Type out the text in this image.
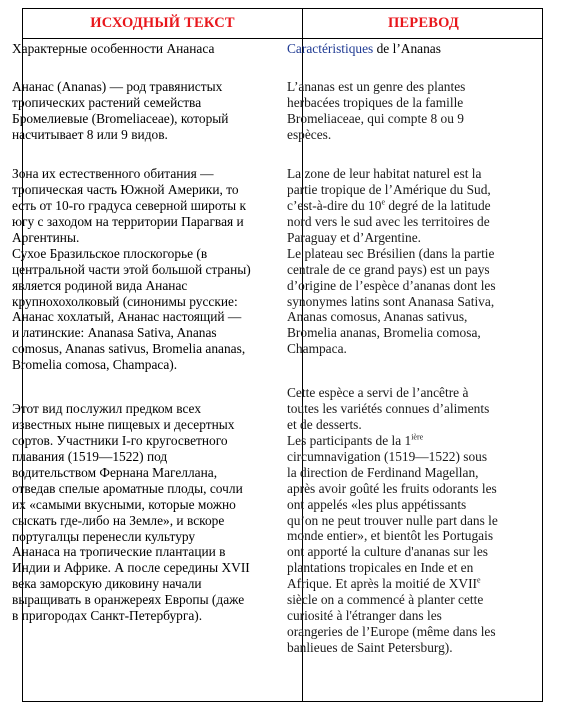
ИСХОДНЫЙ ТЕКСТ	ПЕРЕВОД
Характерные особенности Ананаса
Ананас (Ananas) — род травянистых
тропических растений семейства
Бромелиевые (Bromeliaceae), который
насчитывает 8 или 9 видов.
Зона их естественного обитания —
тропическая часть Южной Америки, то
есть от 10-го градуса северной широты к
югу с заходом на территории Парагвая и
Аргентины.
Сухое Бразильское плоскогорье (в
центральной части этой большой страны)
является родиной вида Ананас
крупнохохолковый (синонимы русские:
Ананас хохлатый, Ананас настоящий —
и латинские: Ananasa Sativa, Ananas
comosus, Ananas sativus, Bromelia ananas,
Bromelia comosa, Champaca).
Этот вид послужил предком всех
известных ныне пищевых и десертных
сортов. Участники I-го кругосветного
плавания (1519—1522) под
водительством Фернана Магеллана,
отведав спелые ароматные плоды, сочли
их «самыми вкусными, которые можно
сыскать где-либо на Земле», и вскоре
португалцы перенесли культуру
Ананаса на тропические плантации в
Индии и Африке. А после середины XVII
века заморскую диковину начали
выращивать в оранжереях Европы (даже
в пригородах Санкт-Петербурга).
Caractéristiques de l’Ananas
L’ananas est un genre des plantes
herbacées tropiques de la famille
Bromeliaceae, qui compte 8 ou 9
espèces.
La zone de leur habitat naturel est la
partie tropique de l’Amérique du Sud,
c’est-à-dire du 10e degré de la latitude
nord vers le sud avec les territoires de
Paraguay et d’Argentine.
Le plateau sec Brésilien (dans la partie
centrale de ce grand pays) est un pays
d’origine de l’espèce d’ananas dont les
synonymes latins sont Ananasa Sativa,
Ananas comosus, Ananas sativus,
Bromelia ananas, Bromelia comosa,
Champaca.
Cette espèce a servi de l’ancêtre à
toutes les variétés connues d’aliments
et de desserts.
Les participants de la $1^{ière}$
circumnavigation (1519—1522) sous
la direction de Ferdinand Magellan,
après avoir goûté les fruits odorants les
ont appelés «les plus appétissants
qu’on ne peut trouver nulle part dans le
monde entier», et bientôt les Portugais
ont apporté la culture d'ananas sur les
plantations tropicales en Inde et en
Afrique. Et après la moitié de XVIIe
siècle on a commencé à planter cette
curiosité à l'étranger dans les
orangeries de l’Europe (même dans les
banlieues de Saint Petersburg).
